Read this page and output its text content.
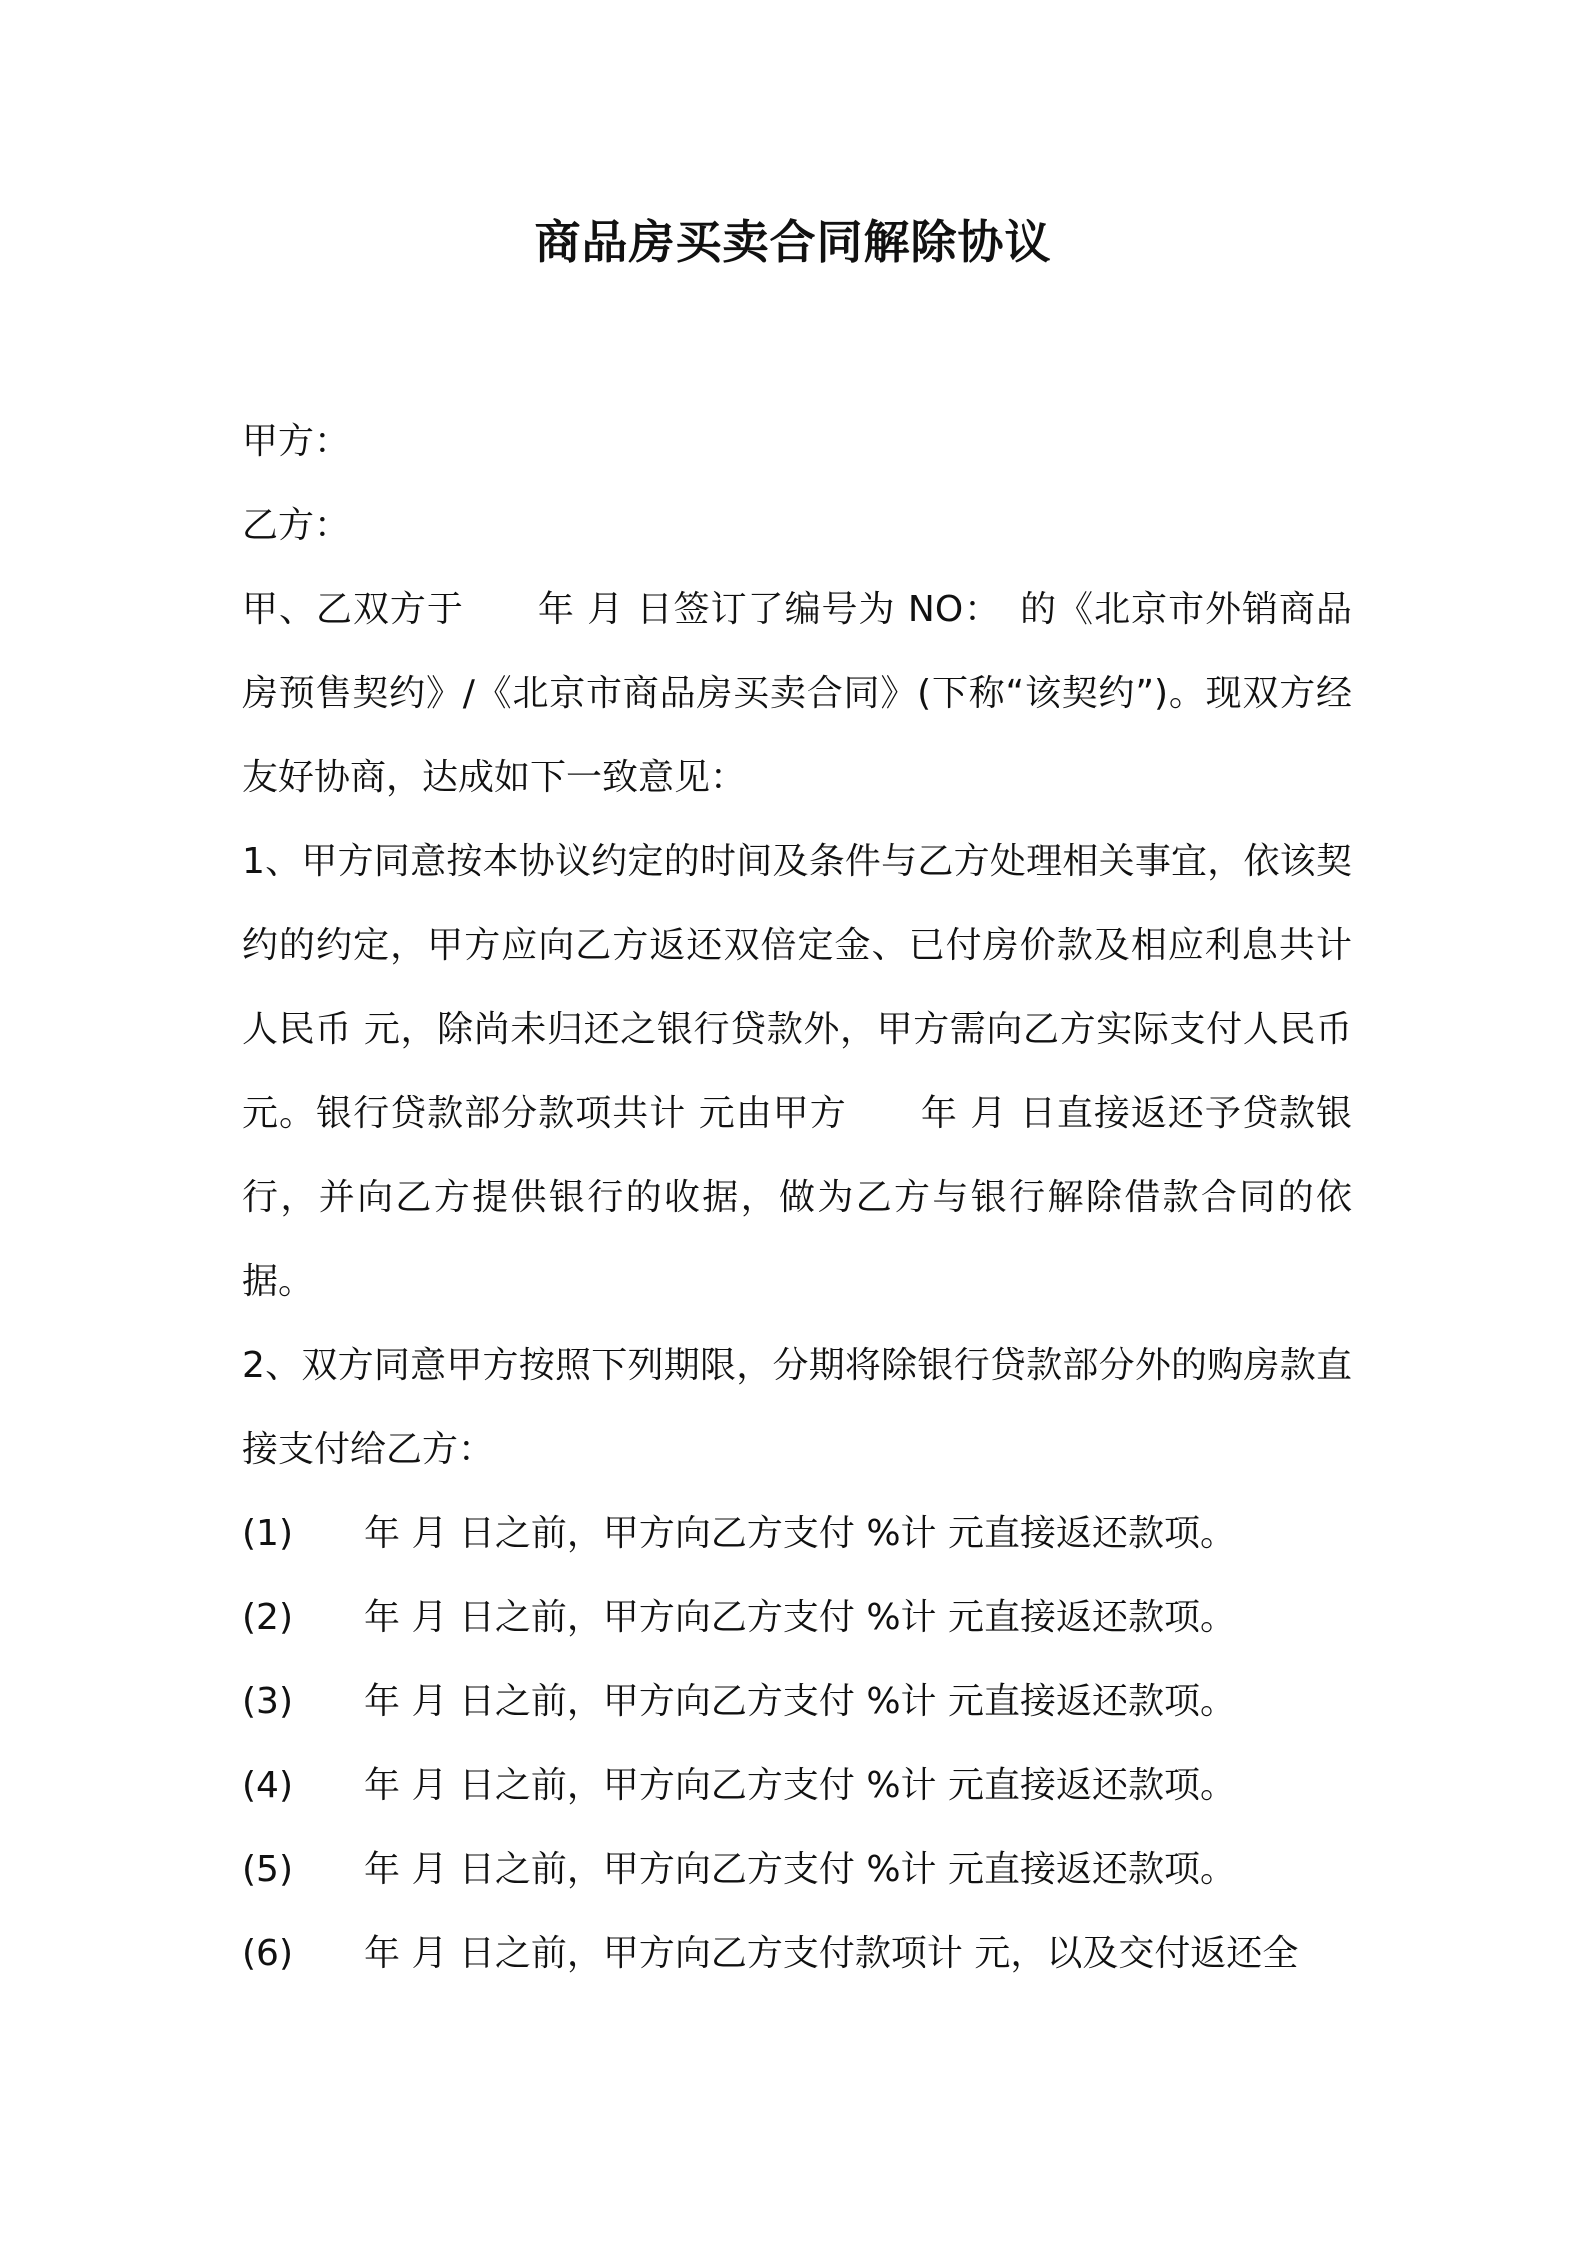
商品房买卖合同解除协议

甲方：

乙方：

甲、乙双方于　　年 月 日签订了编号为 NO：　的《北京市外销商品房预售契约》/《北京市商品房买卖合同》(下称“该契约”)。现双方经友好协商，达成如下一致意见：

1、甲方同意按本协议约定的时间及条件与乙方处理相关事宜，依该契约的约定，甲方应向乙方返还双倍定金、已付房价款及相应利息共计人民币 元，除尚未归还之银行贷款外，甲方需向乙方实际支付人民币 元。银行贷款部分款项共计 元由甲方　　年 月 日直接返还予贷款银行，并向乙方提供银行的收据，做为乙方与银行解除借款合同的依据。

2、双方同意甲方按照下列期限，分期将除银行贷款部分外的购房款直接支付给乙方：

(1)	年 月 日之前，甲方向乙方支付 %计 元直接返还款项。
(2)	年 月 日之前，甲方向乙方支付 %计 元直接返还款项。
(3)	年 月 日之前，甲方向乙方支付 %计 元直接返还款项。
(4)	年 月 日之前，甲方向乙方支付 %计 元直接返还款项。
(5)	年 月 日之前，甲方向乙方支付 %计 元直接返还款项。
(6)	年 月 日之前，甲方向乙方支付款项计 元，以及交付返还全
